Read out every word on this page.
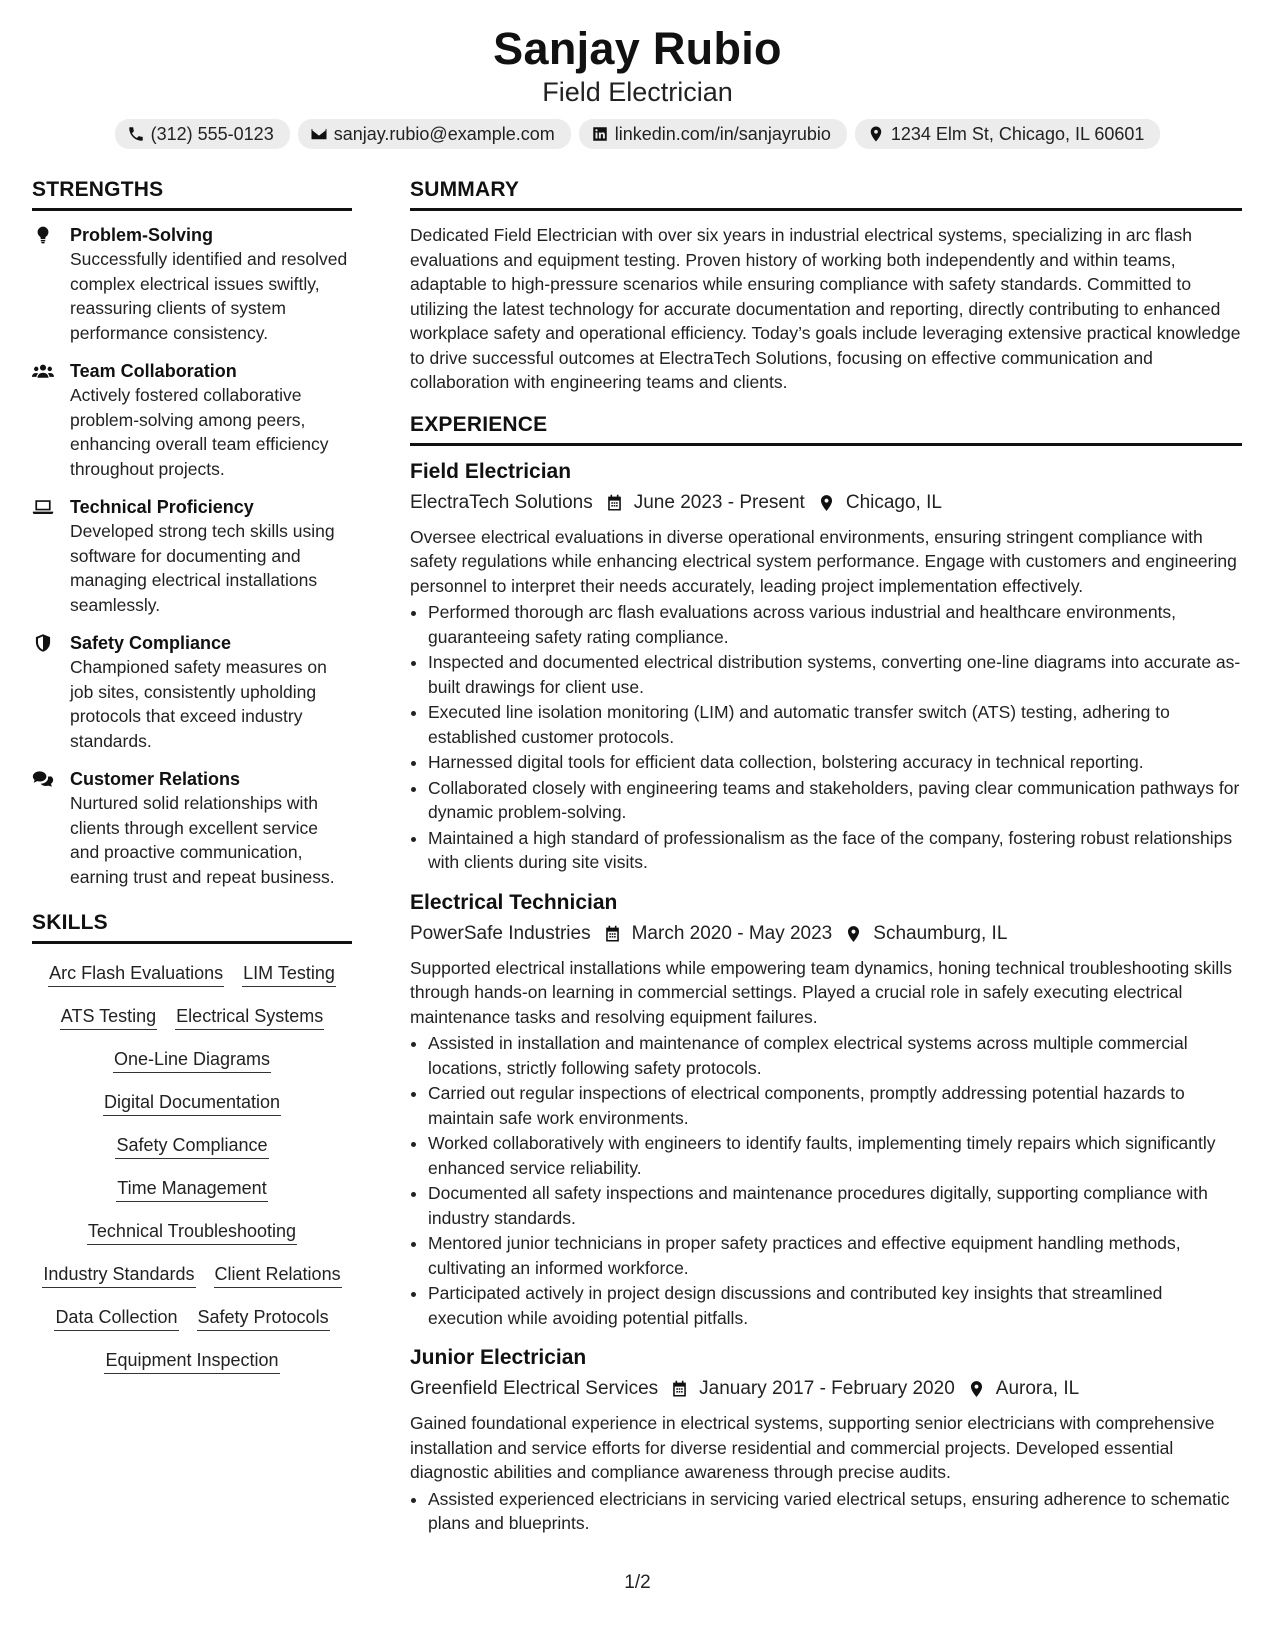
Sanjay Rubio
Field Electrician
(312) 555-0123	sanjay.rubio@example.com	linkedin.com/in/sanjayrubio	1234 Elm St, Chicago, IL 60601
STRENGTHS
Problem-Solving
Successfully identified and resolved complex electrical issues swiftly, reassuring clients of system performance consistency.
Team Collaboration
Actively fostered collaborative problem-solving among peers, enhancing overall team efficiency throughout projects.
Technical Proficiency
Developed strong tech skills using software for documenting and managing electrical installations seamlessly.
Safety Compliance
Championed safety measures on job sites, consistently upholding protocols that exceed industry standards.
Customer Relations
Nurtured solid relationships with clients through excellent service and proactive communication, earning trust and repeat business.
SKILLS
Arc Flash Evaluations LIM Testing
ATS Testing Electrical Systems
One-Line Diagrams
Digital Documentation
Safety Compliance
Time Management
Technical Troubleshooting
Industry Standards Client Relations
Data Collection Safety Protocols
Equipment Inspection
SUMMARY
Dedicated Field Electrician with over six years in industrial electrical systems, specializing in arc flash evaluations and equipment testing. Proven history of working both independently and within teams, adaptable to high-pressure scenarios while ensuring compliance with safety standards. Committed to utilizing the latest technology for accurate documentation and reporting, directly contributing to enhanced workplace safety and operational efficiency. Today’s goals include leveraging extensive practical knowledge to drive successful outcomes at ElectraTech Solutions, focusing on effective communication and collaboration with engineering teams and clients.
EXPERIENCE
Field Electrician
ElectraTech Solutions June 2023 - Present Chicago, IL
Oversee electrical evaluations in diverse operational environments, ensuring stringent compliance with safety regulations while enhancing electrical system performance. Engage with customers and engineering personnel to interpret their needs accurately, leading project implementation effectively.
• Performed thorough arc flash evaluations across various industrial and healthcare environments, guaranteeing safety rating compliance.
• Inspected and documented electrical distribution systems, converting one-line diagrams into accurate as-built drawings for client use.
• Executed line isolation monitoring (LIM) and automatic transfer switch (ATS) testing, adhering to established customer protocols.
• Harnessed digital tools for efficient data collection, bolstering accuracy in technical reporting.
• Collaborated closely with engineering teams and stakeholders, paving clear communication pathways for dynamic problem-solving.
• Maintained a high standard of professionalism as the face of the company, fostering robust relationships with clients during site visits.
Electrical Technician
PowerSafe Industries March 2020 - May 2023 Schaumburg, IL
Supported electrical installations while empowering team dynamics, honing technical troubleshooting skills through hands-on learning in commercial settings. Played a crucial role in safely executing electrical maintenance tasks and resolving equipment failures.
• Assisted in installation and maintenance of complex electrical systems across multiple commercial locations, strictly following safety protocols.
• Carried out regular inspections of electrical components, promptly addressing potential hazards to maintain safe work environments.
• Worked collaboratively with engineers to identify faults, implementing timely repairs which significantly enhanced service reliability.
• Documented all safety inspections and maintenance procedures digitally, supporting compliance with industry standards.
• Mentored junior technicians in proper safety practices and effective equipment handling methods, cultivating an informed workforce.
• Participated actively in project design discussions and contributed key insights that streamlined execution while avoiding potential pitfalls.
Junior Electrician
Greenfield Electrical Services January 2017 - February 2020 Aurora, IL
Gained foundational experience in electrical systems, supporting senior electricians with comprehensive installation and service efforts for diverse residential and commercial projects. Developed essential diagnostic abilities and compliance awareness through precise audits.
• Assisted experienced electricians in servicing varied electrical setups, ensuring adherence to schematic plans and blueprints.
1/2
